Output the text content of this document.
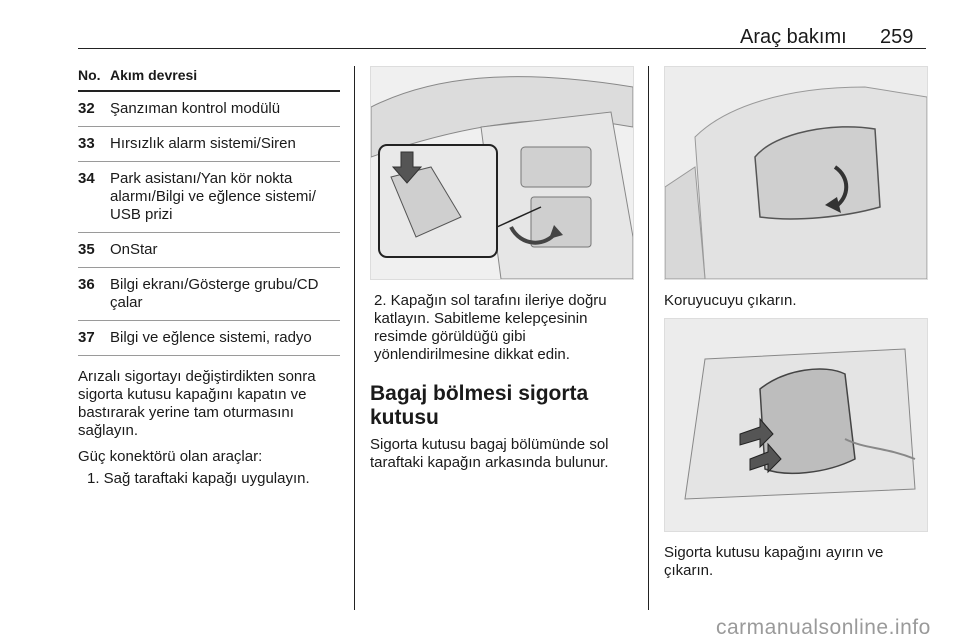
Araç bakımı 259
No. Akım devresi
32	Şanzıman kontrol modülü
33	Hırsızlık alarm sistemi/Siren
34	Park asistanı/Yan kör nokta alarmı/Bilgi ve eğlence sistemi/ USB prizi
35	OnStar
36	Bilgi ekranı/Gösterge grubu/CD çalar
37	Bilgi ve eğlence sistemi, radyo
Arızalı sigortayı değiştirdikten sonra sigorta kutusu kapağını kapatın ve bastırarak yerine tam oturmasını sağlayın.
Güç konektörü olan araçlar:
1. Sağ taraftaki kapağı uygulayın.
2. Kapağın sol tarafını ileriye doğru katlayın. Sabitleme kelepçesinin resimde görüldüğü gibi yönlendirilmesine dikkat edin.
Bagaj bölmesi sigorta kutusu
Sigorta kutusu bagaj bölümünde sol taraftaki kapağın arkasında bulunur.
Koruyucuyu çıkarın.
Sigorta kutusu kapağını ayırın ve çıkarın.
carmanualsonline.info
